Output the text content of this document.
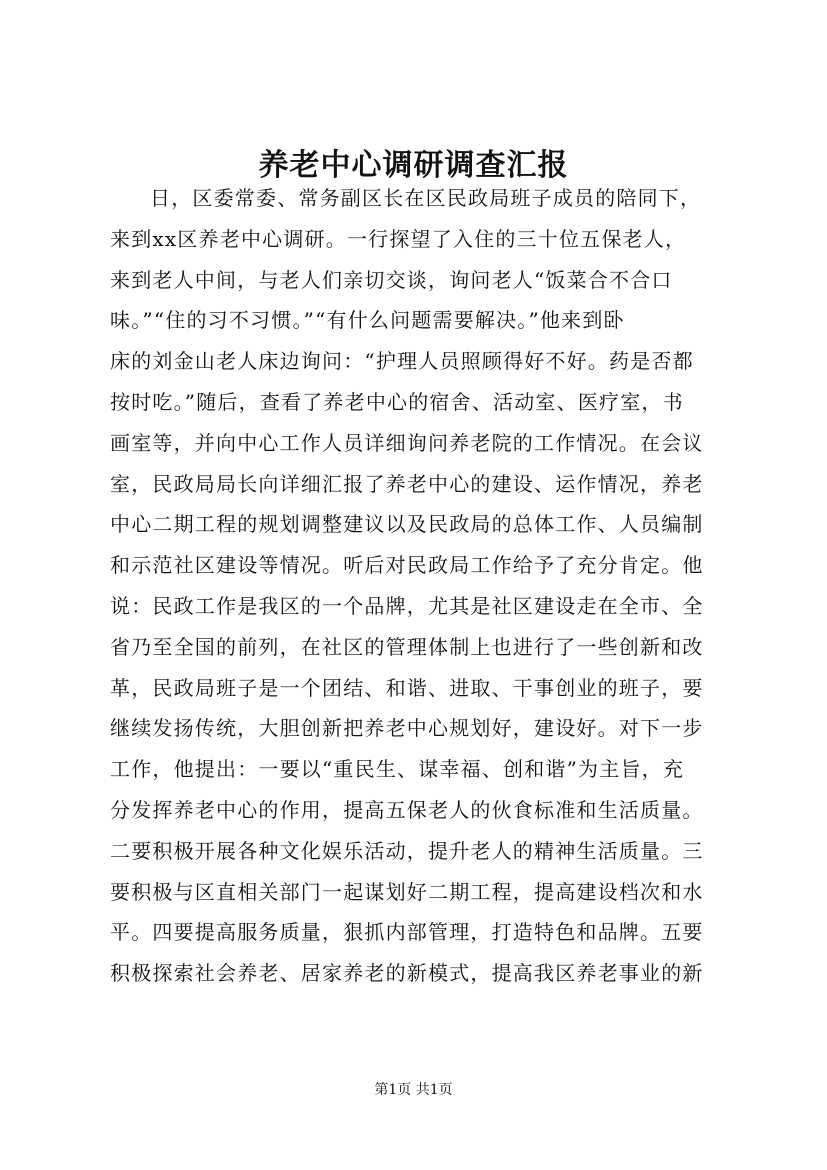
养老中心调研调查汇报
日，区委常委、常务副区长在区民政局班子成员的陪同下，
来到xx区养老中心调研。一行探望了入住的三十位五保老人，
来到老人中间，与老人们亲切交谈，询问老人“饭菜合不合口
味。”“住的习不习惯。”“有什么问题需要解决。”他来到卧
床的刘金山老人床边询问：“护理人员照顾得好不好。药是否都
按时吃。”随后，查看了养老中心的宿舍、活动室、医疗室，书
画室等，并向中心工作人员详细询问养老院的工作情况。在会议
室，民政局局长向详细汇报了养老中心的建设、运作情况，养老
中心二期工程的规划调整建议以及民政局的总体工作、人员编制
和示范社区建设等情况。听后对民政局工作给予了充分肯定。他
说：民政工作是我区的一个品牌，尤其是社区建设走在全市、全
省乃至全国的前列，在社区的管理体制上也进行了一些创新和改
革，民政局班子是一个团结、和谐、进取、干事创业的班子，要
继续发扬传统，大胆创新把养老中心规划好，建设好。对下一步
工作，他提出：一要以“重民生、谋幸福、创和谐”为主旨，充
分发挥养老中心的作用，提高五保老人的伙食标准和生活质量。
二要积极开展各种文化娱乐活动，提升老人的精神生活质量。三
要积极与区直相关部门一起谋划好二期工程，提高建设档次和水
平。四要提高服务质量，狠抓内部管理，打造特色和品牌。五要
积极探索社会养老、居家养老的新模式，提高我区养老事业的新
第1页 共1页
